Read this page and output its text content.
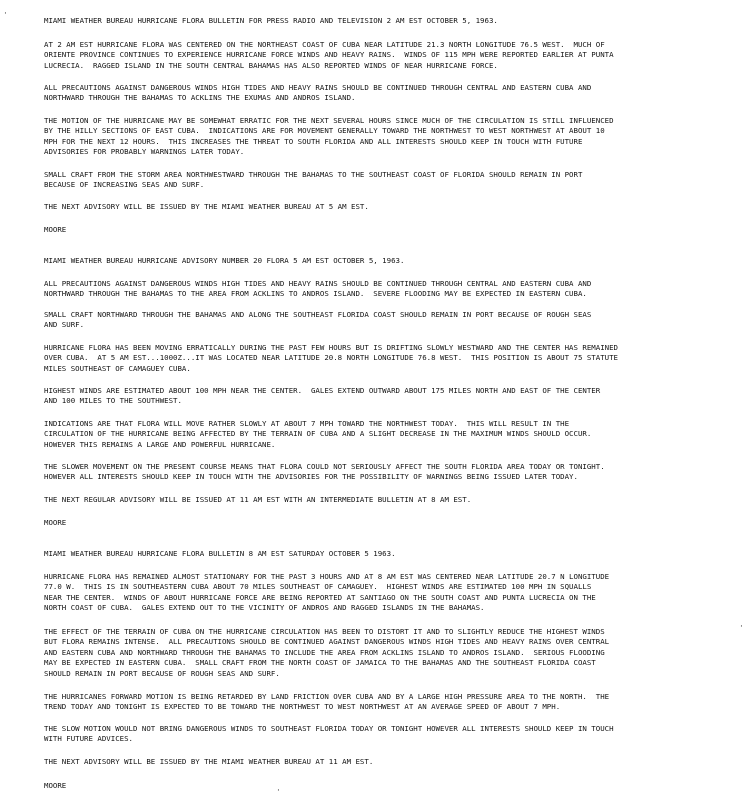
MIAMI WEATHER BUREAU HURRICANE FLORA BULLETIN FOR PRESS RADIO AND TELEVISION 2 AM EST OCTOBER 5, 1963.

AT 2 AM EST HURRICANE FLORA WAS CENTERED ON THE NORTHEAST COAST OF CUBA NEAR LATITUDE 21.3 NORTH LONGITUDE 76.5 WEST.  MUCH OF
ORIENTE PROVINCE CONTINUES TO EXPERIENCE HURRICANE FORCE WINDS AND HEAVY RAINS.  WINDS OF 115 MPH WERE REPORTED EARLIER AT PUNTA
LUCRECIA.  RAGGED ISLAND IN THE SOUTH CENTRAL BAHAMAS HAS ALSO REPORTED WINDS OF NEAR HURRICANE FORCE.

ALL PRECAUTIONS AGAINST DANGEROUS WINDS HIGH TIDES AND HEAVY RAINS SHOULD BE CONTINUED THROUGH CENTRAL AND EASTERN CUBA AND
NORTHWARD THROUGH THE BAHAMAS TO ACKLINS THE EXUMAS AND ANDROS ISLAND.

THE MOTION OF THE HURRICANE MAY BE SOMEWHAT ERRATIC FOR THE NEXT SEVERAL HOURS SINCE MUCH OF THE CIRCULATION IS STILL INFLUENCED
BY THE HILLY SECTIONS OF EAST CUBA.  INDICATIONS ARE FOR MOVEMENT GENERALLY TOWARD THE NORTHWEST TO WEST NORTHWEST AT ABOUT 10
MPH FOR THE NEXT 12 HOURS.  THIS INCREASES THE THREAT TO SOUTH FLORIDA AND ALL INTERESTS SHOULD KEEP IN TOUCH WITH FUTURE
ADVISORIES FOR PROBABLY WARNINGS LATER TODAY.

SMALL CRAFT FROM THE STORM AREA NORTHWESTWARD THROUGH THE BAHAMAS TO THE SOUTHEAST COAST OF FLORIDA SHOULD REMAIN IN PORT
BECAUSE OF INCREASING SEAS AND SURF.

THE NEXT ADVISORY WILL BE ISSUED BY THE MIAMI WEATHER BUREAU AT 5 AM EST.

MOORE

MIAMI WEATHER BUREAU HURRICANE ADVISORY NUMBER 20 FLORA 5 AM EST OCTOBER 5, 1963.

ALL PRECAUTIONS AGAINST DANGEROUS WINDS HIGH TIDES AND HEAVY RAINS SHOULD BE CONTINUED THROUGH CENTRAL AND EASTERN CUBA AND
NORTHWARD THROUGH THE BAHAMAS TO THE AREA FROM ACKLINS TO ANDROS ISLAND.  SEVERE FLOODING MAY BE EXPECTED IN EASTERN CUBA.

SMALL CRAFT NORTHWARD THROUGH THE BAHAMAS AND ALONG THE SOUTHEAST FLORIDA COAST SHOULD REMAIN IN PORT BECAUSE OF ROUGH SEAS
AND SURF.

HURRICANE FLORA HAS BEEN MOVING ERRATICALLY DURING THE PAST FEW HOURS BUT IS DRIFTING SLOWLY WESTWARD AND THE CENTER HAS REMAINED
OVER CUBA.  AT 5 AM EST...1000Z...IT WAS LOCATED NEAR LATITUDE 20.8 NORTH LONGITUDE 76.8 WEST.  THIS POSITION IS ABOUT 75 STATUTE
MILES SOUTHEAST OF CAMAGUEY CUBA.

HIGHEST WINDS ARE ESTIMATED ABOUT 100 MPH NEAR THE CENTER.  GALES EXTEND OUTWARD ABOUT 175 MILES NORTH AND EAST OF THE CENTER
AND 100 MILES TO THE SOUTHWEST.

INDICATIONS ARE THAT FLORA WILL MOVE RATHER SLOWLY AT ABOUT 7 MPH TOWARD THE NORTHWEST TODAY.  THIS WILL RESULT IN THE
CIRCULATION OF THE HURRICANE BEING AFFECTED BY THE TERRAIN OF CUBA AND A SLIGHT DECREASE IN THE MAXIMUM WINDS SHOULD OCCUR.
HOWEVER THIS REMAINS A LARGE AND POWERFUL HURRICANE.

THE SLOWER MOVEMENT ON THE PRESENT COURSE MEANS THAT FLORA COULD NOT SERIOUSLY AFFECT THE SOUTH FLORIDA AREA TODAY OR TONIGHT.
HOWEVER ALL INTERESTS SHOULD KEEP IN TOUCH WITH THE ADVISORIES FOR THE POSSIBILITY OF WARNINGS BEING ISSUED LATER TODAY.

THE NEXT REGULAR ADVISORY WILL BE ISSUED AT 11 AM EST WITH AN INTERMEDIATE BULLETIN AT 8 AM EST.

MOORE

MIAMI WEATHER BUREAU HURRICANE FLORA BULLETIN 8 AM EST SATURDAY OCTOBER 5 1963.

HURRICANE FLORA HAS REMAINED ALMOST STATIONARY FOR THE PAST 3 HOURS AND AT 8 AM EST WAS CENTERED NEAR LATITUDE 20.7 N LONGITUDE
77.0 W.  THIS IS IN SOUTHEASTERN CUBA ABOUT 70 MILES SOUTHEAST OF CAMAGUEY.  HIGHEST WINDS ARE ESTIMATED 100 MPH IN SQUALLS
NEAR THE CENTER.  WINDS OF ABOUT HURRICANE FORCE ARE BEING REPORTED AT SANTIAGO ON THE SOUTH COAST AND PUNTA LUCRECIA ON THE
NORTH COAST OF CUBA.  GALES EXTEND OUT TO THE VICINITY OF ANDROS AND RAGGED ISLANDS IN THE BAHAMAS.

THE EFFECT OF THE TERRAIN OF CUBA ON THE HURRICANE CIRCULATION HAS BEEN TO DISTORT IT AND TO SLIGHTLY REDUCE THE HIGHEST WINDS
BUT FLORA REMAINS INTENSE.  ALL PRECAUTIONS SHOULD BE CONTINUED AGAINST DANGEROUS WINDS HIGH TIDES AND HEAVY RAINS OVER CENTRAL
AND EASTERN CUBA AND NORTHWARD THROUGH THE BAHAMAS TO INCLUDE THE AREA FROM ACKLINS ISLAND TO ANDROS ISLAND.  SERIOUS FLOODING
MAY BE EXPECTED IN EASTERN CUBA.  SMALL CRAFT FROM THE NORTH COAST OF JAMAICA TO THE BAHAMAS AND THE SOUTHEAST FLORIDA COAST
SHOULD REMAIN IN PORT BECAUSE OF ROUGH SEAS AND SURF.

THE HURRICANES FORWARD MOTION IS BEING RETARDED BY LAND FRICTION OVER CUBA AND BY A LARGE HIGH PRESSURE AREA TO THE NORTH.  THE
TREND TODAY AND TONIGHT IS EXPECTED TO BE TOWARD THE NORTHWEST TO WEST NORTHWEST AT AN AVERAGE SPEED OF ABOUT 7 MPH.

THE SLOW MOTION WOULD NOT BRING DANGEROUS WINDS TO SOUTHEAST FLORIDA TODAY OR TONIGHT HOWEVER ALL INTERESTS SHOULD KEEP IN TOUCH
WITH FUTURE ADVICES.

THE NEXT ADVISORY WILL BE ISSUED BY THE MIAMI WEATHER BUREAU AT 11 AM EST.

MOORE

·
·
·
